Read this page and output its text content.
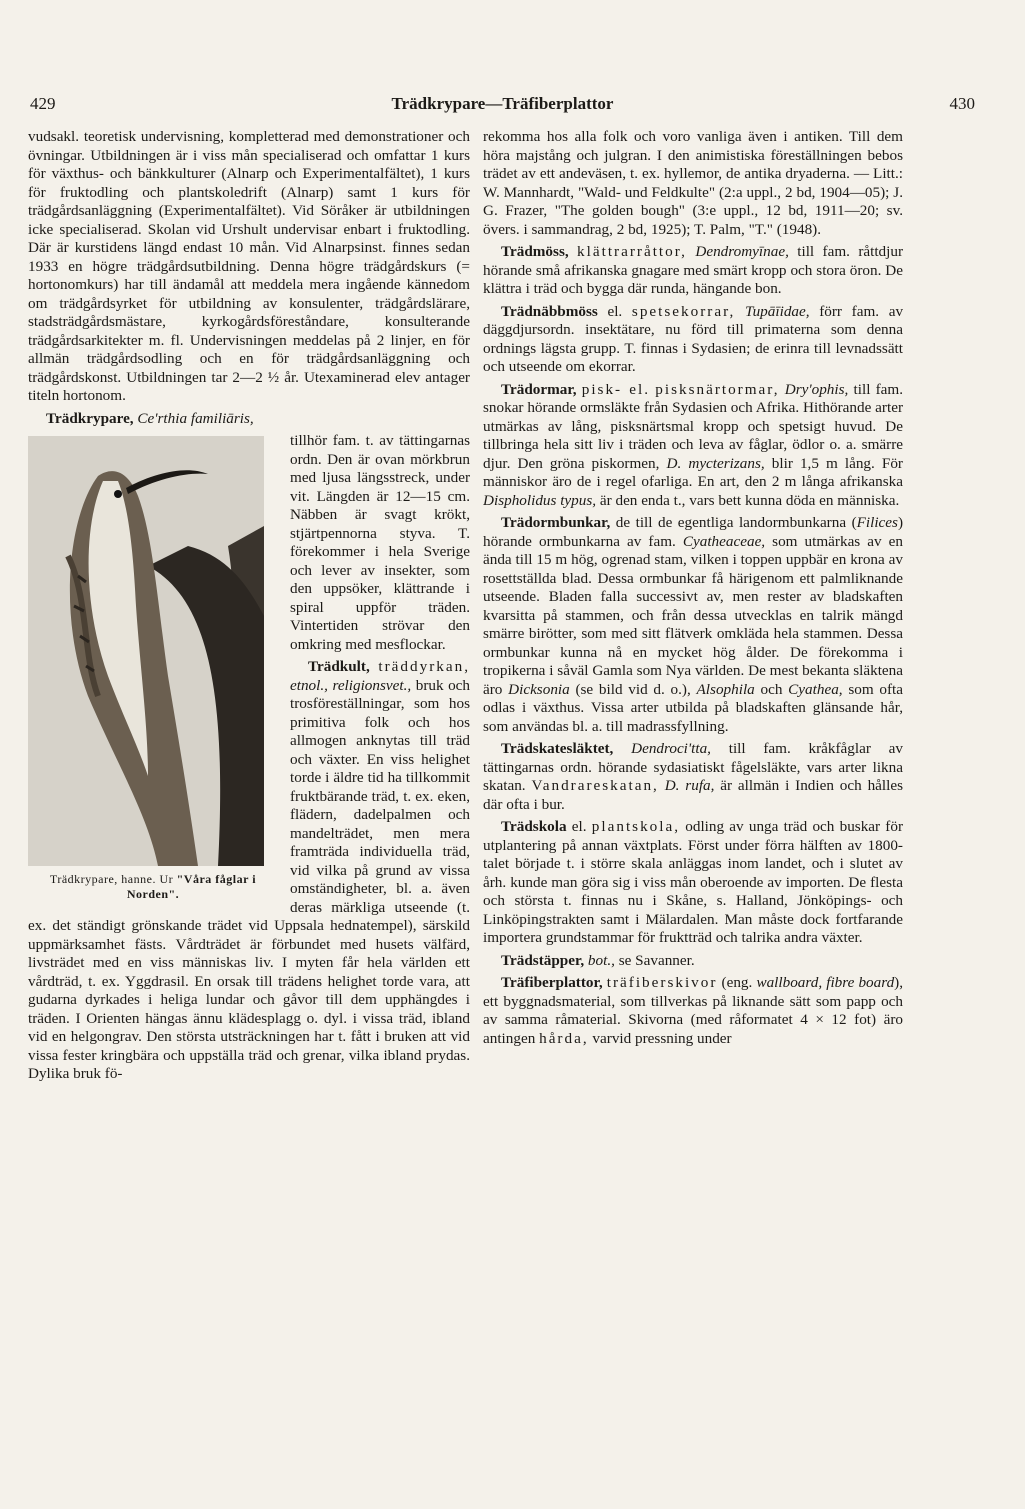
429	Trädkrypare—Träfiberplattor	430

vudsakl. teoretisk undervisning, kompletterad med demonstrationer och övningar. Utbildningen är i viss mån specialiserad och omfattar 1 kurs för växthus- och bänkkulturer (Alnarp och Experimentalfältet), 1 kurs för fruktodling och plantskoledrift (Alnarp) samt 1 kurs för trädgårdsanläggning (Experimentalfältet). Vid Söråker är utbildningen icke specialiserad. Skolan vid Urshult undervisar enbart i fruktodling. Där är kurstidens längd endast 10 mån. Vid Alnarpsinst. finnes sedan 1933 en högre trädgårdsutbildning. Denna högre trädgårdskurs (= hortonomkurs) har till ändamål att meddela mera ingående kännedom om trädgårdsyrket för utbildning av konsulenter, trädgårdslärare, stadsträdgårdsmästare, kyrkogårdsföreståndare, konsulterande trädgårdsarkitekter m. fl. Undervisningen meddelas på 2 linjer, en för allmän trädgårdsodling och en för trädgårdsanläggning och trädgårdskonst. Utbildningen tar 2—2 ½ år. Utexaminerad elev antager titeln hortonom.

Trädkrypare, Ce'rthia familiāris,

Trädkrypare, hanne. Ur "Våra fåglar i Norden".

tillhör fam. t. av tättingarnas ordn. Den är ovan mörkbrun med ljusa längsstreck, under vit. Längden är 12—15 cm. Näbben är svagt krökt, stjärtpennorna styva. T. förekommer i hela Sverige och lever av insekter, som den uppsöker, klättrande i spiral uppför träden. Vintertiden strövar den omkring med mesflockar.

Trädkult, träddyrkan, etnol., religionsvet., bruk och trosföreställningar, som hos primitiva folk och hos allmogen anknytas till träd och växter. En viss helighet torde i äldre tid ha tillkommit fruktbärande träd, t. ex. eken, flädern, dadelpalmen och mandelträdet, men mera framträda individuella träd, vid vilka på grund av vissa omständigheter, bl. a. även deras märkliga utseende (t. ex. det ständigt grönskande trädet vid Uppsala hednatempel), särskild uppmärksamhet fästs. Vårdträdet är förbundet med husets välfärd, livsträdet med en viss människas liv. I myten får hela världen ett vårdträd, t. ex. Yggdrasil. En orsak till trädens helighet torde vara, att gudarna dyrkades i heliga lundar och gåvor till dem upphängdes i träden. I Orienten hängas ännu klädesplagg o. dyl. i vissa träd, ibland vid en helgongrav. Den största utsträckningen har t. fått i bruken att vid vissa fester kringbära och uppställa träd och grenar, vilka ibland prydas. Dylika bruk fö-

rekomma hos alla folk och voro vanliga även i antiken. Till dem höra majstång och julgran. I den animistiska föreställningen bebos trädet av ett andeväsen, t. ex. hyllemor, de antika dryaderna. — Litt.: W. Mannhardt, "Wald- und Feldkulte" (2:a uppl., 2 bd, 1904—05); J. G. Frazer, "The golden bough" (3:e uppl., 12 bd, 1911—20; sv. övers. i sammandrag, 2 bd, 1925); T. Palm, "T." (1948).

Trädmöss, klättrarråttor, Dendromyīnae, till fam. råttdjur hörande små afrikanska gnagare med smärt kropp och stora öron. De klättra i träd och bygga där runda, hängande bon.

Trädnäbbmöss el. spetsekorrar, Tupāīidae, förr fam. av däggdjursordn. insektätare, nu förd till primaterna som denna ordnings lägsta grupp. T. finnas i Sydasien; de erinra till levnadssätt och utseende om ekorrar.

Trädormar, pisk- el. pisksnärtormar, Dry'ophis, till fam. snokar hörande ormsläkte från Sydasien och Afrika. Hithörande arter utmärkas av lång, pisksnärtsmal kropp och spetsigt huvud. De tillbringa hela sitt liv i träden och leva av fåglar, ödlor o. a. smärre djur. Den gröna piskormen, D. mycterizans, blir 1,5 m lång. För människor äro de i regel ofarliga. En art, den 2 m långa afrikanska Dispholidus typus, är den enda t., vars bett kunna döda en människa.

Trädormbunkar, de till de egentliga landormbunkarna (Filices) hörande ormbunkarna av fam. Cyatheaceae, som utmärkas av en ända till 15 m hög, ogrenad stam, vilken i toppen uppbär en krona av rosettställda blad. Dessa ormbunkar få härigenom ett palmliknande utseende. Bladen falla successivt av, men rester av bladskaften kvarsitta på stammen, och från dessa utvecklas en talrik mängd smärre birötter, som med sitt flätverk omkläda hela stammen. Dessa ormbunkar kunna nå en mycket hög ålder. De förekomma i tropikerna i såväl Gamla som Nya världen. De mest bekanta släktena äro Dicksonia (se bild vid d. o.), Alsophila och Cyathea, som ofta odlas i växthus. Vissa arter utbilda på bladskaften glänsande hår, som användas bl. a. till madrassfyllning.

Trädskatesläktet, Dendroci'tta, till fam. kråkfåglar av tättingarnas ordn. hörande sydasiatiskt fågelsläkte, vars arter likna skatan. Vandrareskatan, D. rufa, är allmän i Indien och hålles där ofta i bur.

Trädskola el. plantskola, odling av unga träd och buskar för utplantering på annan växtplats. Först under förra hälften av 1800-talet började t. i större skala anläggas inom landet, och i slutet av årh. kunde man göra sig i viss mån oberoende av importen. De flesta och största t. finnas nu i Skåne, s. Halland, Jönköpings- och Linköpingstrakten samt i Mälardalen. Man måste dock fortfarande importera grundstammar för fruktträd och talrika andra växter.

Trädstäpper, bot., se Savanner.

Träfiberplattor, träfiberskivor (eng. wallboard, fibre board), ett byggnadsmaterial, som tillverkas på liknande sätt som papp och av samma råmaterial. Skivorna (med råformatet 4 × 12 fot) äro antingen hårda, varvid pressning under
